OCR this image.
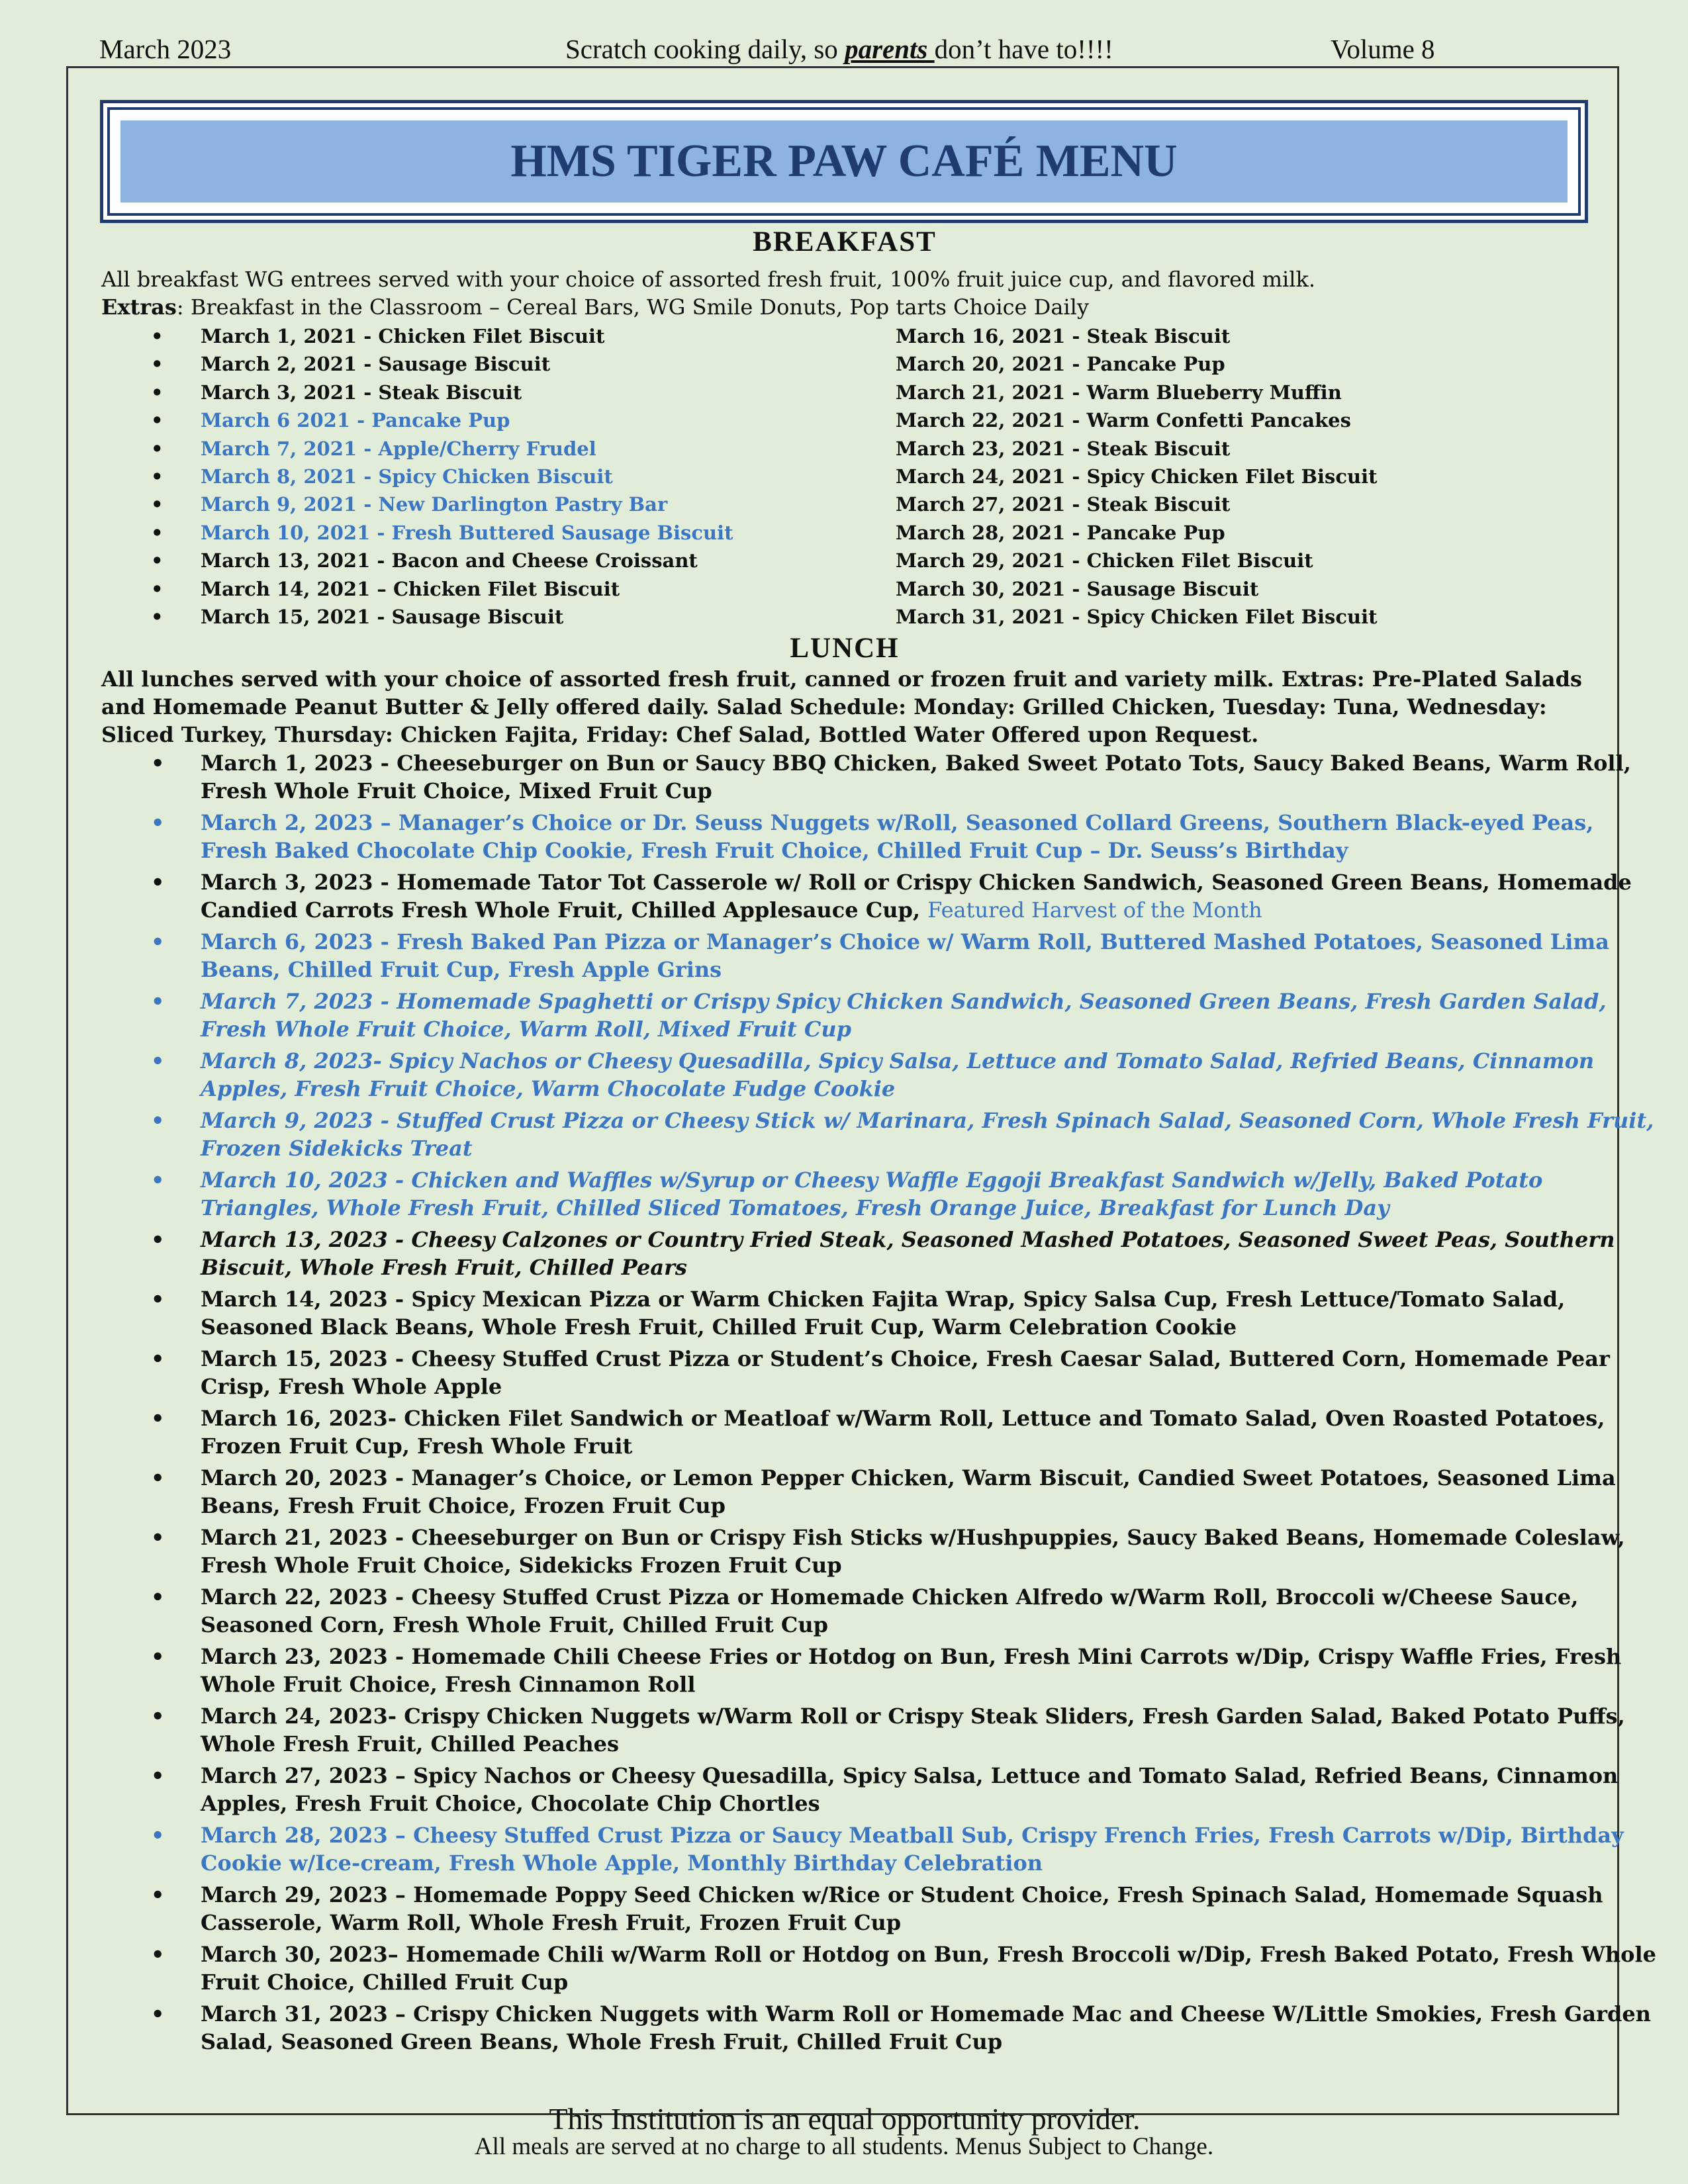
March 2023	Scratch cooking daily, so parents don’t have to!!!!	Volume 8
HMS TIGER PAW CAFÉ MENU
BREAKFAST
All breakfast WG entrees served with your choice of assorted fresh fruit, 100% fruit juice cup, and flavored milk.
Extras: Breakfast in the Classroom – Cereal Bars, WG Smile Donuts, Pop tarts Choice Daily
• March 1, 2021 - Chicken Filet Biscuit
• March 2, 2021 - Sausage Biscuit
• March 3, 2021 - Steak Biscuit
• March 6 2021 - Pancake Pup
• March 7, 2021 - Apple/Cherry Frudel
• March 8, 2021 - Spicy Chicken Biscuit
• March 9, 2021 - New Darlington Pastry Bar
• March 10, 2021 - Fresh Buttered Sausage Biscuit
• March 13, 2021 - Bacon and Cheese Croissant
• March 14, 2021 – Chicken Filet Biscuit
• March 15, 2021 - Sausage Biscuit
March 16, 2021 - Steak Biscuit
March 20, 2021 - Pancake Pup
March 21, 2021 - Warm Blueberry Muffin
March 22, 2021 - Warm Confetti Pancakes
March 23, 2021 - Steak Biscuit
March 24, 2021 - Spicy Chicken Filet Biscuit
March 27, 2021 - Steak Biscuit
March 28, 2021 - Pancake Pup
March 29, 2021 - Chicken Filet Biscuit
March 30, 2021 - Sausage Biscuit
March 31, 2021 - Spicy Chicken Filet Biscuit
LUNCH
All lunches served with your choice of assorted fresh fruit, canned or frozen fruit and variety milk. Extras: Pre-Plated Salads and Homemade Peanut Butter & Jelly offered daily. Salad Schedule: Monday: Grilled Chicken, Tuesday: Tuna, Wednesday: Sliced Turkey, Thursday: Chicken Fajita, Friday: Chef Salad, Bottled Water Offered upon Request.
• March 1, 2023 - Cheeseburger on Bun or Saucy BBQ Chicken, Baked Sweet Potato Tots, Saucy Baked Beans, Warm Roll, Fresh Whole Fruit Choice, Mixed Fruit Cup
• March 2, 2023 – Manager’s Choice or Dr. Seuss Nuggets w/Roll, Seasoned Collard Greens, Southern Black-eyed Peas, Fresh Baked Chocolate Chip Cookie, Fresh Fruit Choice, Chilled Fruit Cup – Dr. Seuss’s Birthday
• March 3, 2023 - Homemade Tator Tot Casserole w/ Roll or Crispy Chicken Sandwich, Seasoned Green Beans, Homemade Candied Carrots Fresh Whole Fruit, Chilled Applesauce Cup, Featured Harvest of the Month
• March 6, 2023 - Fresh Baked Pan Pizza or Manager’s Choice w/ Warm Roll, Buttered Mashed Potatoes, Seasoned Lima Beans, Chilled Fruit Cup, Fresh Apple Grins
• March 7, 2023 - Homemade Spaghetti or Crispy Spicy Chicken Sandwich, Seasoned Green Beans, Fresh Garden Salad, Fresh Whole Fruit Choice, Warm Roll, Mixed Fruit Cup
• March 8, 2023- Spicy Nachos or Cheesy Quesadilla, Spicy Salsa, Lettuce and Tomato Salad, Refried Beans, Cinnamon Apples, Fresh Fruit Choice, Warm Chocolate Fudge Cookie
• March 9, 2023 - Stuffed Crust Pizza or Cheesy Stick w/ Marinara, Fresh Spinach Salad, Seasoned Corn, Whole Fresh Fruit, Frozen Sidekicks Treat
• March 10, 2023 - Chicken and Waffles w/Syrup or Cheesy Waffle Eggoji Breakfast Sandwich w/Jelly, Baked Potato Triangles, Whole Fresh Fruit, Chilled Sliced Tomatoes, Fresh Orange Juice, Breakfast for Lunch Day
• March 13, 2023 - Cheesy Calzones or Country Fried Steak, Seasoned Mashed Potatoes, Seasoned Sweet Peas, Southern Biscuit, Whole Fresh Fruit, Chilled Pears
• March 14, 2023 - Spicy Mexican Pizza or Warm Chicken Fajita Wrap, Spicy Salsa Cup, Fresh Lettuce/Tomato Salad, Seasoned Black Beans, Whole Fresh Fruit, Chilled Fruit Cup, Warm Celebration Cookie
• March 15, 2023 - Cheesy Stuffed Crust Pizza or Student’s Choice, Fresh Caesar Salad, Buttered Corn, Homemade Pear Crisp, Fresh Whole Apple
• March 16, 2023- Chicken Filet Sandwich or Meatloaf w/Warm Roll, Lettuce and Tomato Salad, Oven Roasted Potatoes, Frozen Fruit Cup, Fresh Whole Fruit
• March 20, 2023 - Manager’s Choice, or Lemon Pepper Chicken, Warm Biscuit, Candied Sweet Potatoes, Seasoned Lima Beans, Fresh Fruit Choice, Frozen Fruit Cup
• March 21, 2023 - Cheeseburger on Bun or Crispy Fish Sticks w/Hushpuppies, Saucy Baked Beans, Homemade Coleslaw, Fresh Whole Fruit Choice, Sidekicks Frozen Fruit Cup
• March 22, 2023 - Cheesy Stuffed Crust Pizza or Homemade Chicken Alfredo w/Warm Roll, Broccoli w/Cheese Sauce, Seasoned Corn, Fresh Whole Fruit, Chilled Fruit Cup
• March 23, 2023 - Homemade Chili Cheese Fries or Hotdog on Bun, Fresh Mini Carrots w/Dip, Crispy Waffle Fries, Fresh Whole Fruit Choice, Fresh Cinnamon Roll
• March 24, 2023- Crispy Chicken Nuggets w/Warm Roll or Crispy Steak Sliders, Fresh Garden Salad, Baked Potato Puffs, Whole Fresh Fruit, Chilled Peaches
• March 27, 2023 – Spicy Nachos or Cheesy Quesadilla, Spicy Salsa, Lettuce and Tomato Salad, Refried Beans, Cinnamon Apples, Fresh Fruit Choice, Chocolate Chip Chortles
• March 28, 2023 – Cheesy Stuffed Crust Pizza or Saucy Meatball Sub, Crispy French Fries, Fresh Carrots w/Dip, Birthday Cookie w/Ice-cream, Fresh Whole Apple, Monthly Birthday Celebration
• March 29, 2023 – Homemade Poppy Seed Chicken w/Rice or Student Choice, Fresh Spinach Salad, Homemade Squash Casserole, Warm Roll, Whole Fresh Fruit, Frozen Fruit Cup
• March 30, 2023– Homemade Chili w/Warm Roll or Hotdog on Bun, Fresh Broccoli w/Dip, Fresh Baked Potato, Fresh Whole Fruit Choice, Chilled Fruit Cup
• March 31, 2023 – Crispy Chicken Nuggets with Warm Roll or Homemade Mac and Cheese W/Little Smokies, Fresh Garden Salad, Seasoned Green Beans, Whole Fresh Fruit, Chilled Fruit Cup
This Institution is an equal opportunity provider.
All meals are served at no charge to all students. Menus Subject to Change.
